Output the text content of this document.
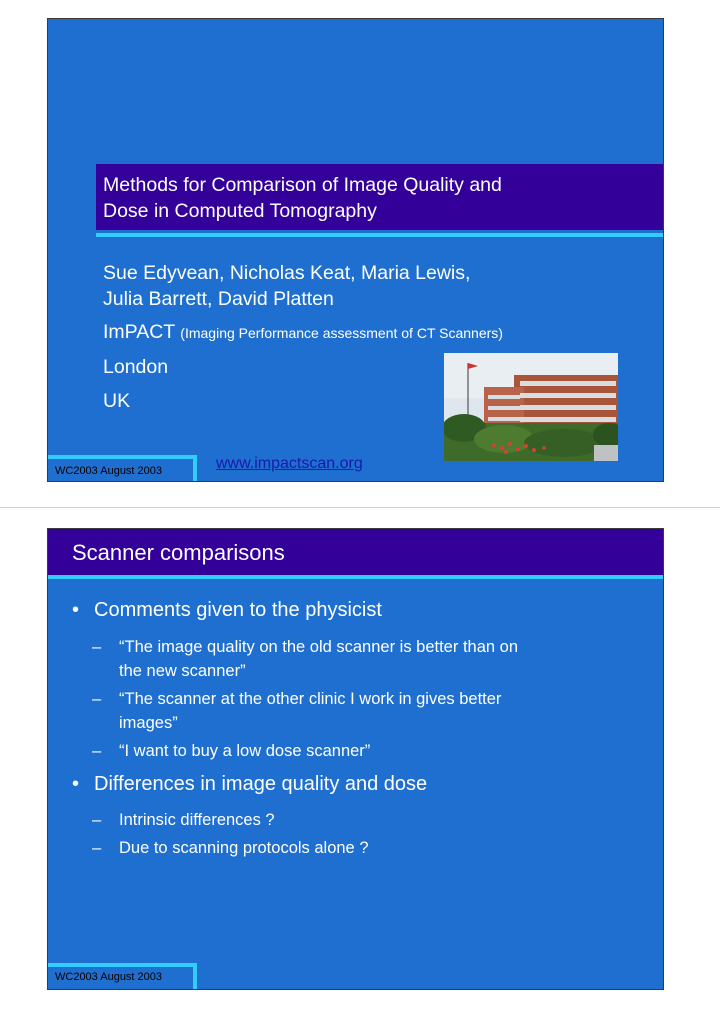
Methods for Comparison of Image Quality and
Dose in Computed Tomography
Sue Edyvean, Nicholas Keat, Maria Lewis,
Julia Barrett, David Platten
ImPACT (Imaging Performance assessment of CT Scanners)
London
UK
www.impactscan.org
WC2003 August 2003
Scanner comparisons
• Comments given to the physicist
– “The image quality on the old scanner is better than on
the new scanner”
– “The scanner at the other clinic I work in gives better
images”
– “I want to buy a low dose scanner”
• Differences in image quality and dose
– Intrinsic differences ?
– Due to scanning protocols alone ?
WC2003 August 2003
